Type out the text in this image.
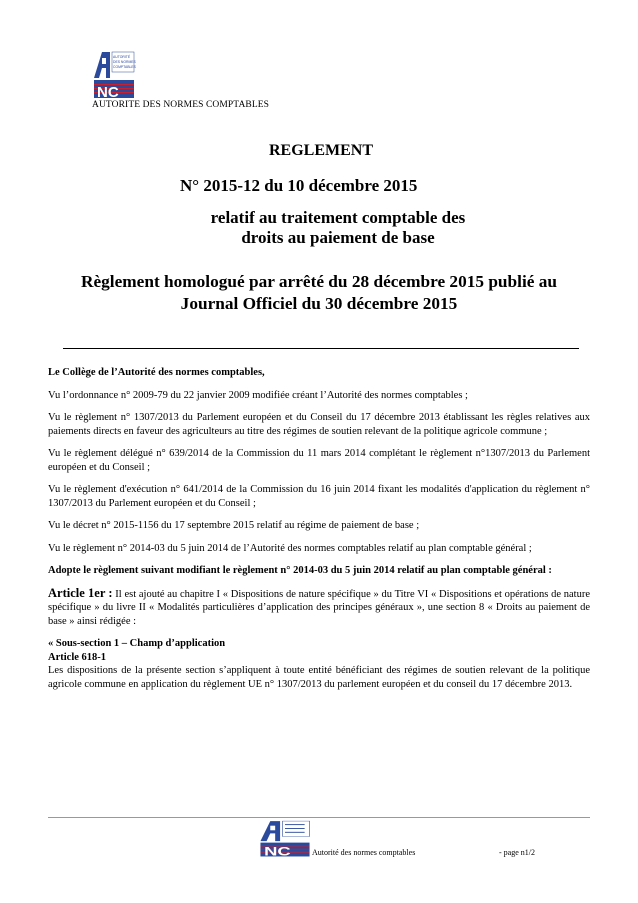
AUTORITÉ
DES NORMES
COMPTABLES
NC
AUTORITE DES NORMES COMPTABLES
REGLEMENT
N° 2015-12 du 10 décembre 2015
relatif au traitement comptable des
droits au paiement de base
Règlement homologué par arrêté du 28 décembre 2015 publié au
Journal Officiel du 30 décembre 2015

Le Collège de l’Autorité des normes comptables,

Vu l’ordonnance n° 2009-79 du 22 janvier 2009 modifiée créant l’Autorité des normes comptables ;

Vu le règlement n° 1307/2013 du Parlement européen et du Conseil du 17 décembre 2013 établissant les règles relatives aux paiements directs en faveur des agriculteurs au titre des régimes de soutien relevant de la politique agricole commune ;

Vu le règlement délégué n° 639/2014 de la Commission du 11 mars 2014 complétant le règlement n°1307/2013 du Parlement européen et du Conseil ;

Vu le règlement d'exécution n° 641/2014 de la Commission du 16 juin 2014 fixant les modalités d'application du règlement n° 1307/2013 du Parlement européen et du Conseil ;

Vu le décret n° 2015-1156 du 17 septembre 2015 relatif au régime de paiement de base ;

Vu le règlement n° 2014-03 du 5 juin 2014 de l’Autorité des normes comptables relatif au plan comptable général ;

Adopte le règlement suivant modifiant le règlement n° 2014-03 du 5 juin 2014 relatif au plan comptable général :

Article 1er : Il est ajouté au chapitre I « Dispositions de nature spécifique » du Titre VI « Dispositions et opérations de nature spécifique » du livre II « Modalités particulières d’application des principes généraux », une section 8 « Droits au paiement de base » ainsi rédigée :

« Sous-section 1 – Champ d’application

Article 618-1

Les dispositions de la présente section s’appliquent à toute entité bénéficiant des régimes de soutien relevant de la politique agricole commune en application du règlement UE n° 1307/2013 du parlement européen et du conseil du 17 décembre 2013.

NC	Autorité des normes comptables	- page n1/2
